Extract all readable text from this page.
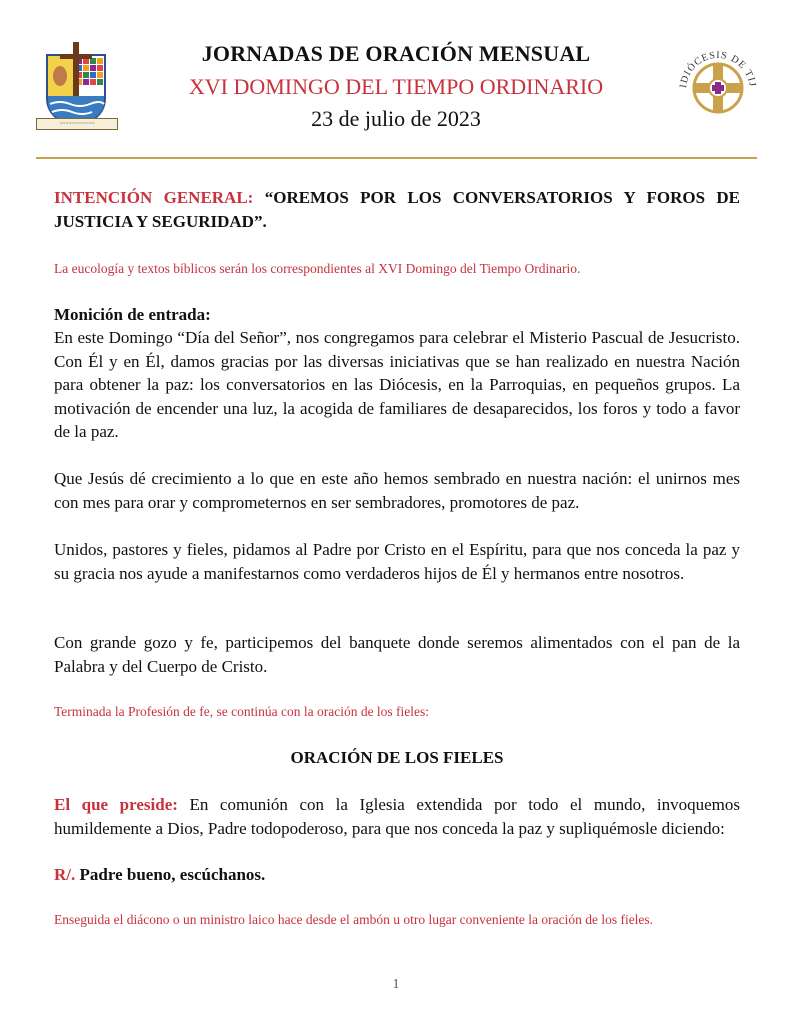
~~~~~~~~~~~~
IDIÓCESIS DE TIJ
JORNADAS DE ORACIÓN MENSUAL
XVI DOMINGO DEL TIEMPO ORDINARIO
23 de julio de 2023
INTENCIÓN GENERAL: “OREMOS POR LOS CONVERSATORIOS Y FOROS DE JUSTICIA Y SEGURIDAD”.
La eucología y textos bíblicos serán los correspondientes al XVI Domingo del Tiempo Ordinario.
Monición de entrada:
En este Domingo “Día del Señor”, nos congregamos para celebrar el Misterio Pascual de Jesucristo. Con Él y en Él, damos gracias por las diversas iniciativas que se han realizado en nuestra Nación para obtener la paz: los conversatorios en las Diócesis, en la Parroquias, en pequeños grupos. La motivación de encender una luz, la acogida de familiares de desaparecidos, los foros y todo a favor de la paz.
Que Jesús dé crecimiento a lo que en este año hemos sembrado en nuestra nación: el unirnos mes con mes para orar y comprometernos en ser sembradores, promotores de paz.
Unidos, pastores y fieles, pidamos al Padre por Cristo en el Espíritu, para que nos conceda la paz y su gracia nos ayude a manifestarnos como verdaderos hijos de Él y hermanos entre nosotros.
Con grande gozo y fe, participemos del banquete donde seremos alimentados con el pan de la Palabra y del Cuerpo de Cristo.
Terminada la Profesión de fe, se continúa con la oración de los fieles:
ORACIÓN DE LOS FIELES
El que preside: En comunión con la Iglesia extendida por todo el mundo, invoquemos humildemente a Dios, Padre todopoderoso, para que nos conceda la paz y supliquémosle diciendo:
R/. Padre bueno, escúchanos.
Enseguida el diácono o un ministro laico hace desde el ambón u otro lugar conveniente la oración de los fieles.
1
